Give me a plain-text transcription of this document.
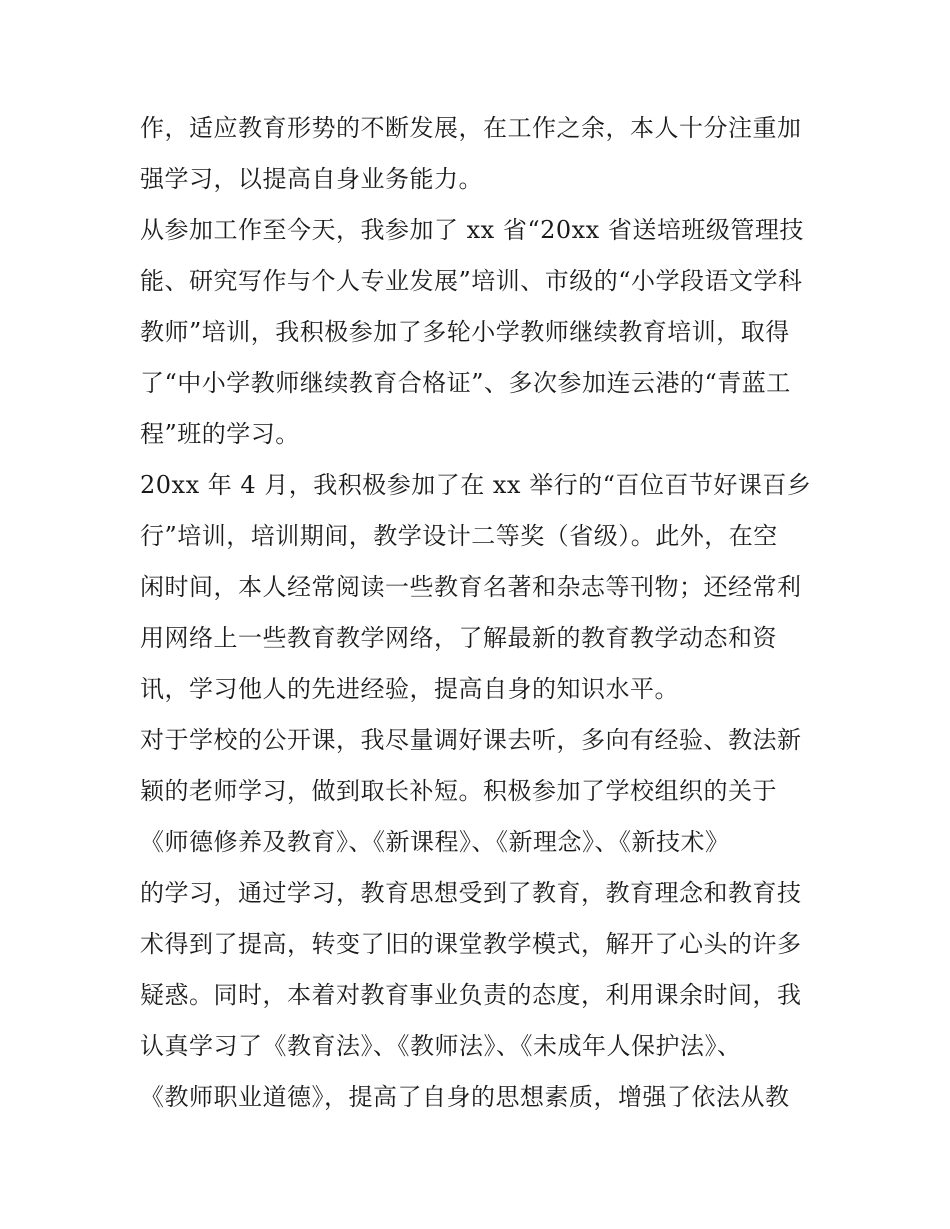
作，适应教育形势的不断发展，在工作之余，本人十分注重加
强学习，以提高自身业务能力。
从参加工作至今天，我参加了 xx 省“20xx 省送培班级管理技
能、研究写作与个人专业发展”培训、市级的“小学段语文学科
教师”培训，我积极参加了多轮小学教师继续教育培训，取得
了“中小学教师继续教育合格证”、多次参加连云港的“青蓝工
程”班的学习。
20xx 年 4 月，我积极参加了在 xx 举行的“百位百节好课百乡
行”培训，培训期间，教学设计二等奖（省级）。此外，在空
闲时间，本人经常阅读一些教育名著和杂志等刊物；还经常利
用网络上一些教育教学网络，了解最新的教育教学动态和资
讯，学习他人的先进经验，提高自身的知识水平。
对于学校的公开课，我尽量调好课去听，多向有经验、教法新
颖的老师学习，做到取长补短。积极参加了学校组织的关于
《师德修养及教育》、《新课程》、《新理念》、《新技术》
的学习，通过学习，教育思想受到了教育，教育理念和教育技
术得到了提高，转变了旧的课堂教学模式，解开了心头的许多
疑惑。同时，本着对教育事业负责的态度，利用课余时间，我
认真学习了《教育法》、《教师法》、《未成年人保护法》、
《教师职业道德》，提高了自身的思想素质，增强了依法从教
